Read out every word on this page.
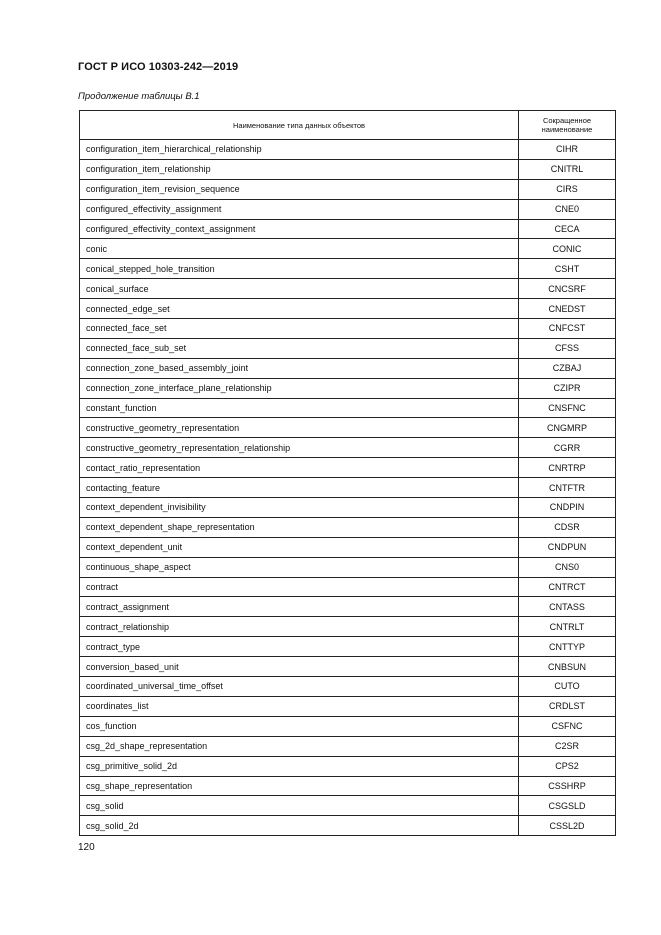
ГОСТ Р ИСО 10303-242—2019
Продолжение таблицы В.1
Наименование типа данных объектов	Сокращенное наименование
configuration_item_hierarchical_relationship	CIHR
configuration_item_relationship	CNITRL
configuration_item_revision_sequence	CIRS
configured_effectivity_assignment	CNE0
configured_effectivity_context_assignment	CECA
conic	CONIC
conical_stepped_hole_transition	CSHT
conical_surface	CNCSRF
connected_edge_set	CNEDST
connected_face_set	CNFCST
connected_face_sub_set	CFSS
connection_zone_based_assembly_joint	CZBAJ
connection_zone_interface_plane_relationship	CZIPR
constant_function	CNSFNC
constructive_geometry_representation	CNGMRP
constructive_geometry_representation_relationship	CGRR
contact_ratio_representation	CNRTRP
contacting_feature	CNTFTR
context_dependent_invisibility	CNDPIN
context_dependent_shape_representation	CDSR
context_dependent_unit	CNDPUN
continuous_shape_aspect	CNS0
contract	CNTRCT
contract_assignment	CNTASS
contract_relationship	CNTRLT
contract_type	CNTTYP
conversion_based_unit	CNBSUN
coordinated_universal_time_offset	CUTO
coordinates_list	CRDLST
cos_function	CSFNC
csg_2d_shape_representation	C2SR
csg_primitive_solid_2d	CPS2
csg_shape_representation	CSSHRP
csg_solid	CSGSLD
csg_solid_2d	CSSL2D
120
